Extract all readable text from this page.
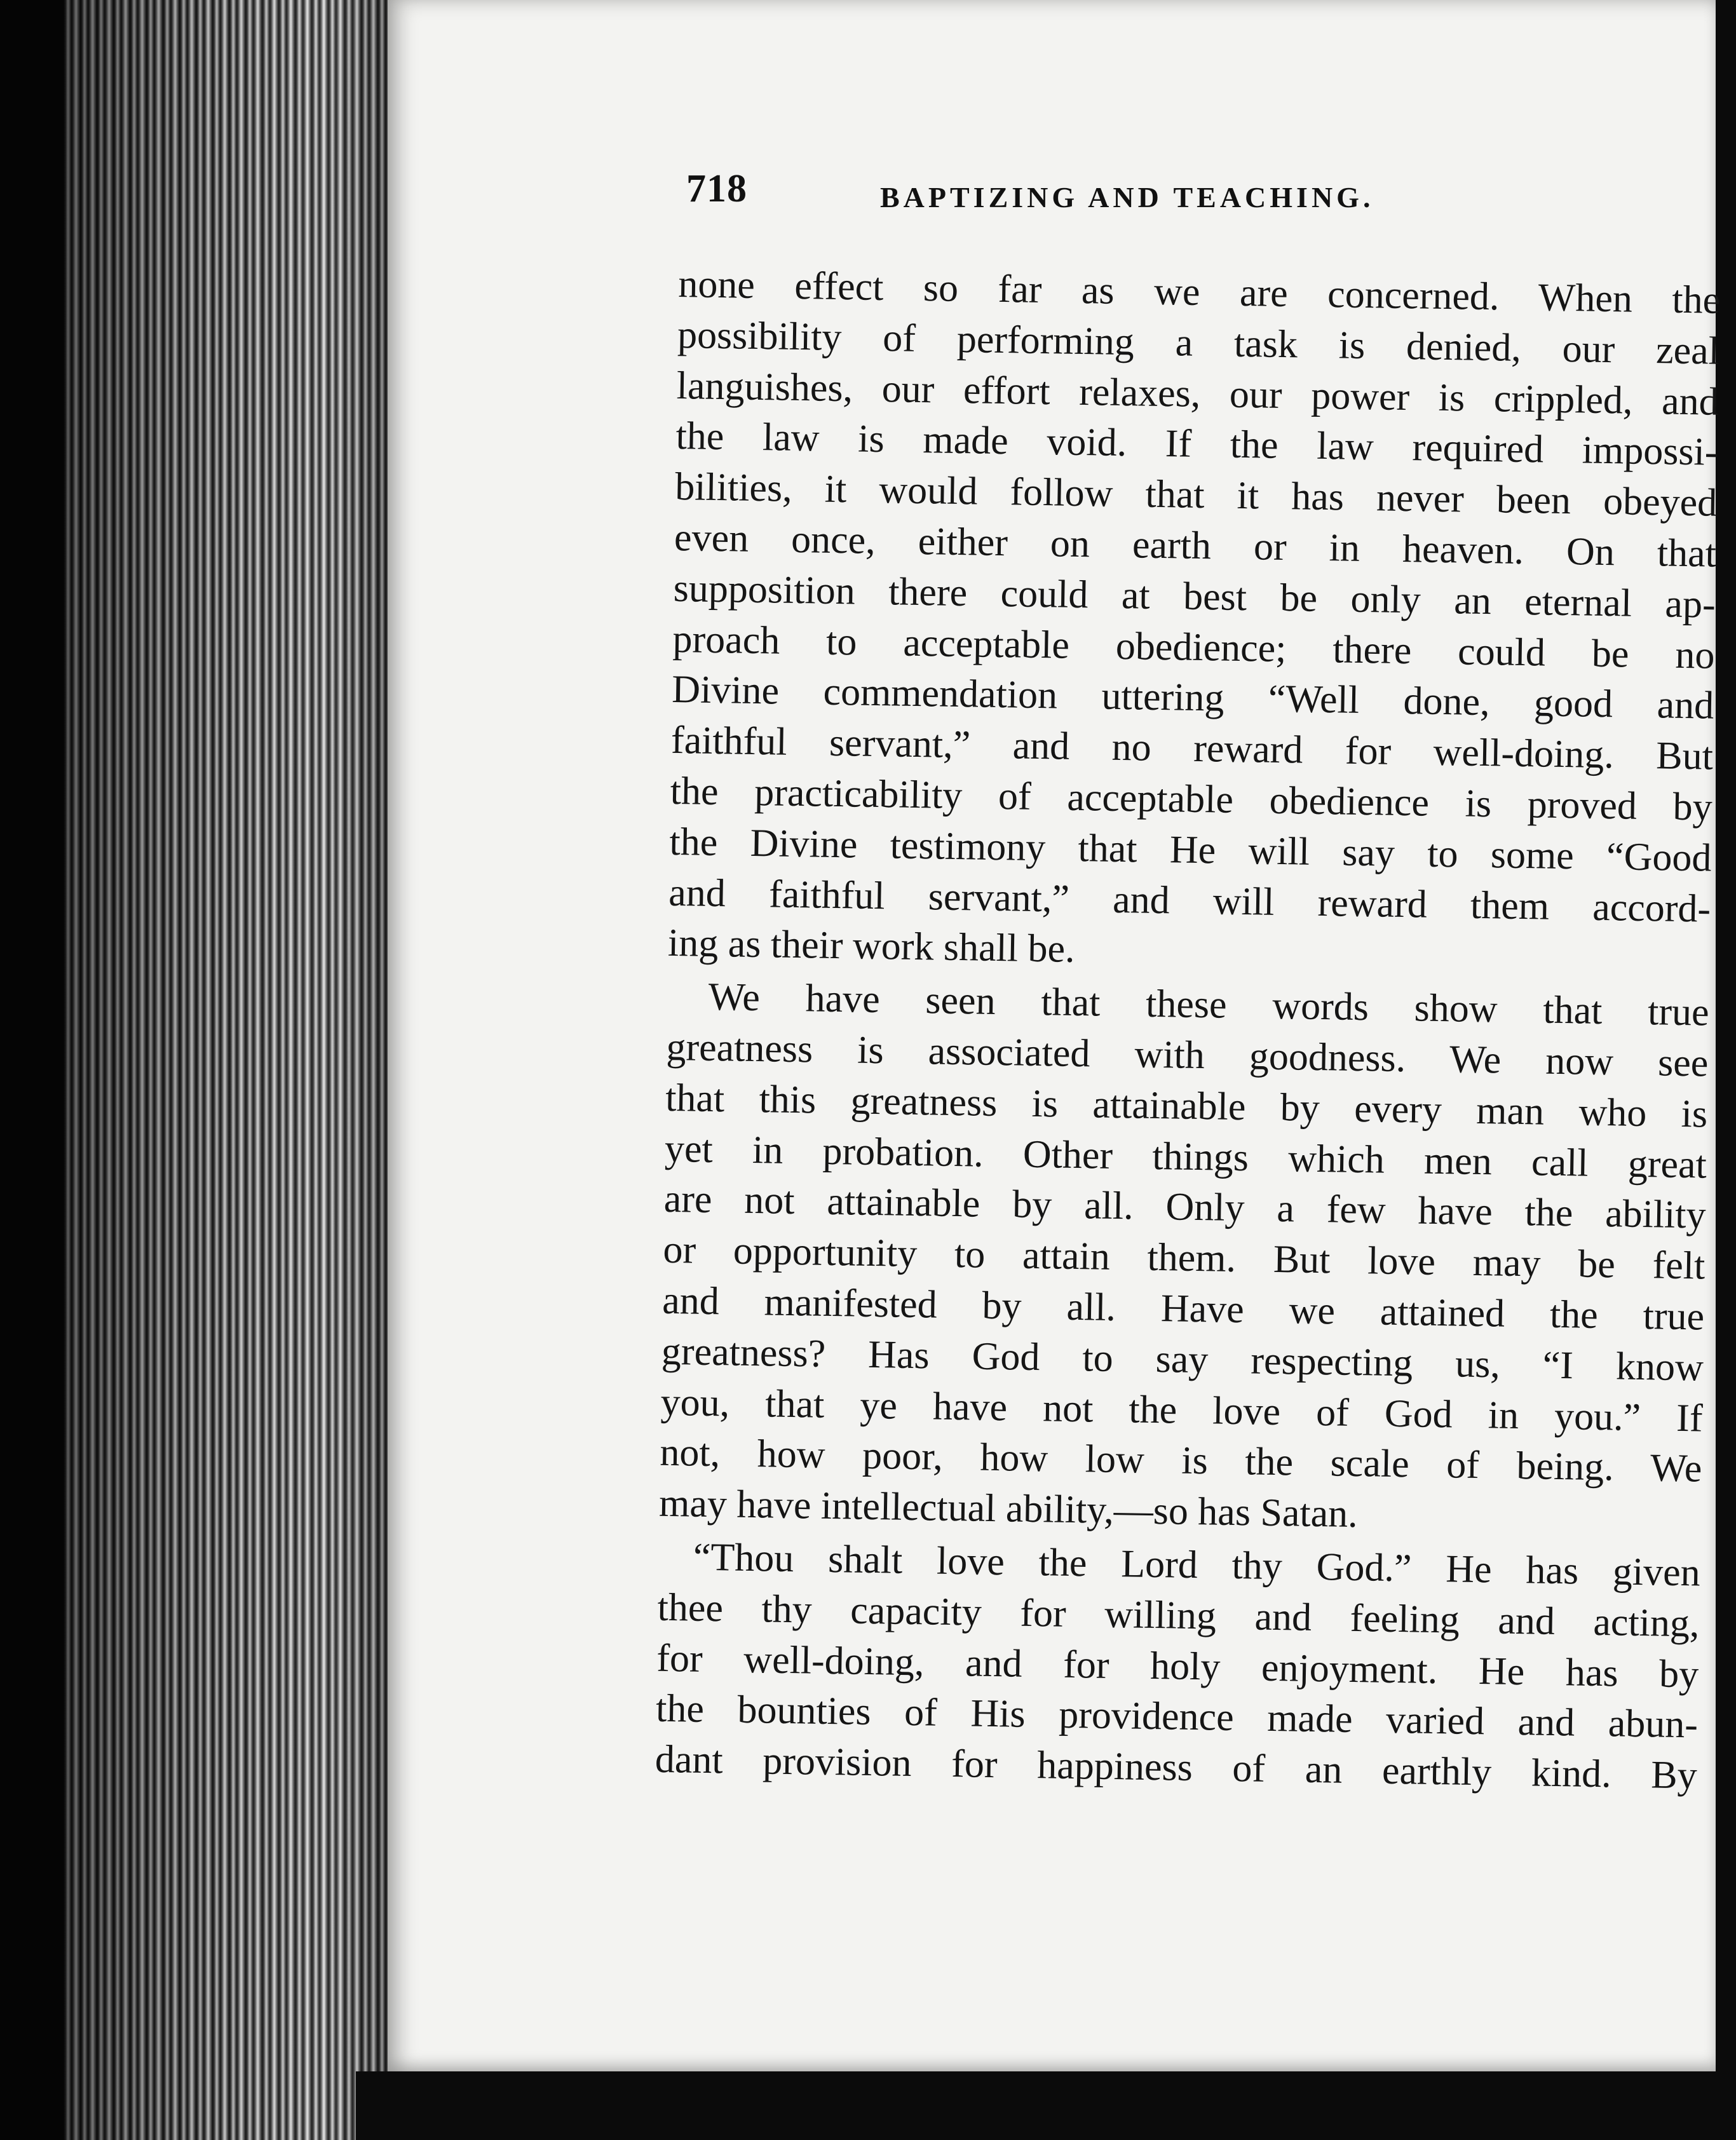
718	BAPTIZING AND TEACHING.
none effect so far as we are concerned. When the
possibility of performing a task is denied, our zeal
languishes, our effort relaxes, our power is crippled, and
the law is made void. If the law required impossi-
bilities, it would follow that it has never been obeyed
even once, either on earth or in heaven. On that
supposition there could at best be only an eternal ap-
proach to acceptable obedience; there could be no
Divine commendation uttering “Well done, good and
faithful servant,” and no reward for well-doing. But
the practicability of acceptable obedience is proved by
the Divine testimony that He will say to some “Good
and faithful servant,” and will reward them accord-
ing as their work shall be.
We have seen that these words show that true
greatness is associated with goodness. We now see
that this greatness is attainable by every man who is
yet in probation. Other things which men call great
are not attainable by all. Only a few have the ability
or opportunity to attain them. But love may be felt
and manifested by all. Have we attained the true
greatness? Has God to say respecting us, “I know
you, that ye have not the love of God in you.” If
not, how poor, how low is the scale of being. We
may have intellectual ability,—so has Satan.
“Thou shalt love the Lord thy God.” He has given
thee thy capacity for willing and feeling and acting,
for well-doing, and for holy enjoyment. He has by
the bounties of His providence made varied and abun-
dant provision for happiness of an earthly kind. By
